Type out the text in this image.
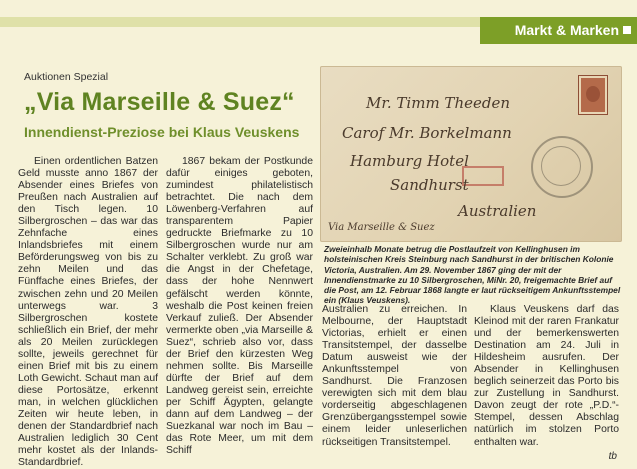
Markt & Marken
Auktionen Spezial
„Via Marseille & Suez“
Innendienst-Preziose bei Klaus Veuskens

Einen ordentlichen Batzen Geld musste anno 1867 der Absender eines Briefes von Preußen nach Australien auf den Tisch legen. 10 Silbergroschen – das war das Zehnfache eines Inlandsbriefes mit einem Beförderungsweg von bis zu zehn Meilen und das Fünffache eines Briefes, der zwischen zehn und 20 Meilen unterwegs war. 3 Silbergroschen kostete schließlich ein Brief, der mehr als 20 Meilen zurücklegen sollte, jeweils gerechnet für einen Brief mit bis zu einem Loth Gewicht. Schaut man auf diese Portosätze, erkennt man, in welchen glücklichen Zeiten wir heute leben, in denen der Standardbrief nach Australien lediglich 30 Cent mehr kostet als der Inlands-Standardbrief.

1867 bekam der Postkunde dafür einiges geboten, zumindest philatelistisch betrachtet. Die nach dem Löwenberg-Verfahren auf transparentem Papier gedruckte Briefmarke zu 10 Silbergroschen wurde nur am Schalter verklebt. Zu groß war die Angst in der Chefetage, dass der hohe Nennwert gefälscht werden könnte, weshalb die Post keinen freien Verkauf zuließ. Der Absender vermerkte oben „via Marseille & Suez“, schrieb also vor, dass der Brief den kürzesten Weg nehmen sollte. Bis Marseille dürfte der Brief auf dem Landweg gereist sein, erreichte per Schiff Ägypten, gelangte dann auf dem Landweg – der Suezkanal war noch im Bau – das Rote Meer, um mit dem Schiff

Australien zu erreichen. In Melbourne, der Hauptstadt Victorias, erhielt er einen Transitstempel, der dasselbe Datum ausweist wie der Ankunftsstempel von Sandhurst. Die Franzosen verewigten sich mit dem blau vorderseitig abgeschlagenen Grenzübergangsstempel sowie einem leider unleserlichen rückseitigen Transitstempel.

Klaus Veuskens darf das Kleinod mit der raren Frankatur und der bemerkenswerten Destination am 24. Juli in Hildesheim ausrufen. Der Absender in Kellinghusen beglich seinerzeit das Porto bis zur Zustellung in Sandhurst. Davon zeugt der rote „P.D.“-Stempel, dessen Abschlag natürlich im stolzen Porto enthalten war.

tb
Mr. Timm Theeden
Carof Mr. Borkelmann
Hamburg Hotel
Sandhurst
Australien
Via Marseille & Suez
Zweieinhalb Monate betrug die Postlaufzeit von Kellinghusen im holsteinischen Kreis Steinburg nach Sandhurst in der britischen Kolonie Victoria, Australien. Am 29. November 1867 ging der mit der Innendienstmarke zu 10 Silbergroschen, MiNr. 20, freigemachte Brief auf die Post, am 12. Februar 1868 langte er laut rückseitigem Ankunftsstempel ein (Klaus Veuskens).
